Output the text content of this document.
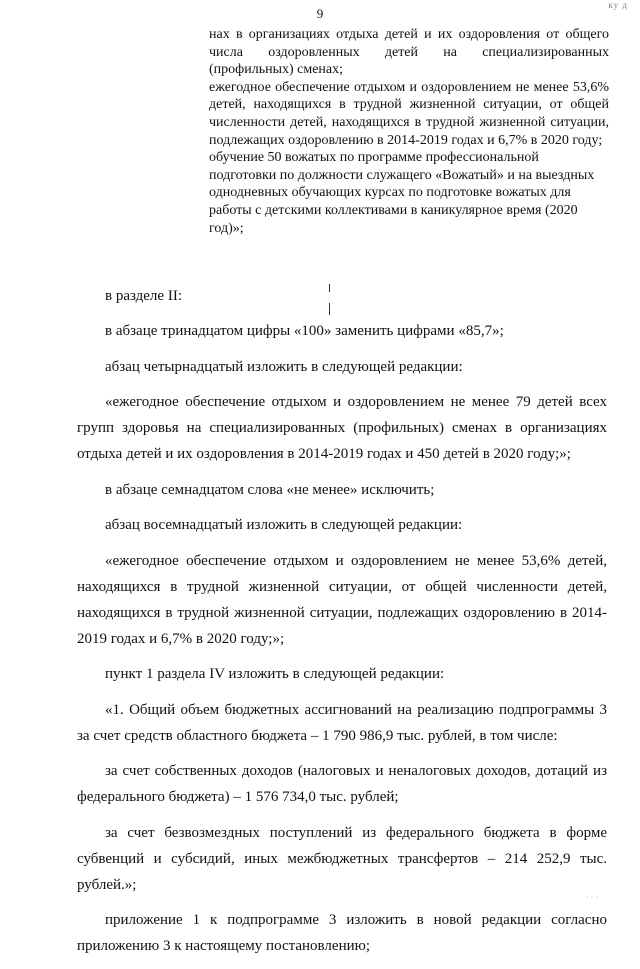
9
ку д

нах в организациях отдыха детей и их оздоровления от общего числа оздоровленных детей на специализированных (профильных) сменах;

ежегодное обеспечение отдыхом и оздоровлением не менее 53,6% детей, находящихся в трудной жизненной ситуации, от общей численности детей, находящихся в трудной жизненной ситуации, подлежащих оздоровлению в 2014-2019 годах и 6,7% в 2020 году;

обучение 50 вожатых по программе профессиональной подготовки по должности служащего «Вожатый» и на выездных однодневных обучающих курсах по подготовке вожатых для работы с детскими коллективами в каникулярное время (2020 год)»;

в разделе II:

в абзаце тринадцатом цифры «100» заменить цифрами «85,7»;

абзац четырнадцатый изложить в следующей редакции:

«ежегодное обеспечение отдыхом и оздоровлением не менее 79 детей всех групп здоровья на специализированных (профильных) сменах в организациях отдыха детей и их оздоровления в 2014-2019 годах и 450 детей в 2020 году;»;

в абзаце семнадцатом слова «не менее» исключить;

абзац восемнадцатый изложить в следующей редакции:

«ежегодное обеспечение отдыхом и оздоровлением не менее 53,6% детей, находящихся в трудной жизненной ситуации, от общей численности детей, находящихся в трудной жизненной ситуации, подлежащих оздоровлению в 2014-2019 годах и 6,7% в 2020 году;»;

пункт 1 раздела IV изложить в следующей редакции:

«1. Общий объем бюджетных ассигнований на реализацию подпрограммы 3 за счет средств областного бюджета – 1 790 986,9 тыс. рублей, в том числе:

за счет собственных доходов (налоговых и неналоговых доходов, дотаций из федерального бюджета) – 1 576 734,0 тыс. рублей;

за счет безвозмездных поступлений из федерального бюджета в форме субвенций и субсидий, иных межбюджетных трансфертов – 214 252,9 тыс. рублей.»;

приложение 1 к подпрограмме 3 изложить в новой редакции согласно приложению 3 к настоящему постановлению;

···
